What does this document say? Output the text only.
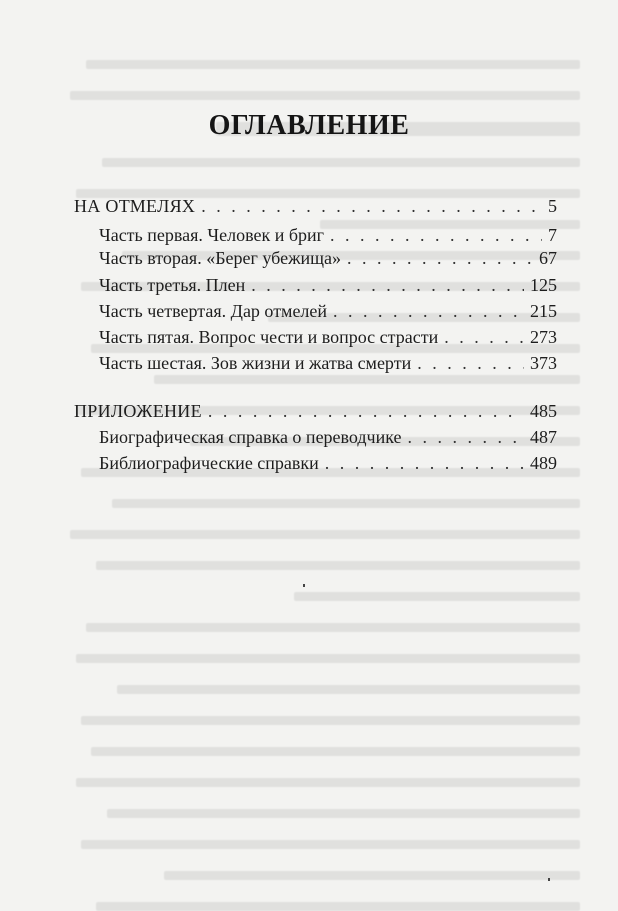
ОГЛАВЛЕНИЕ
НА ОТМЕЛЯХ . . .	5
Часть первая. Человек и бриг . . .	7
Часть вторая. «Берег убежища» . . .	67
Часть третья. Плен . . .	125
Часть четвертая. Дар отмелей . . .	215
Часть пятая. Вопрос чести и вопрос страсти . . .	273
Часть шестая. Зов жизни и жатва смерти . . .	373
ПРИЛОЖЕНИЕ . . .	485
Биографическая справка о переводчике . . .	487
Библиографические справки . . .	489
